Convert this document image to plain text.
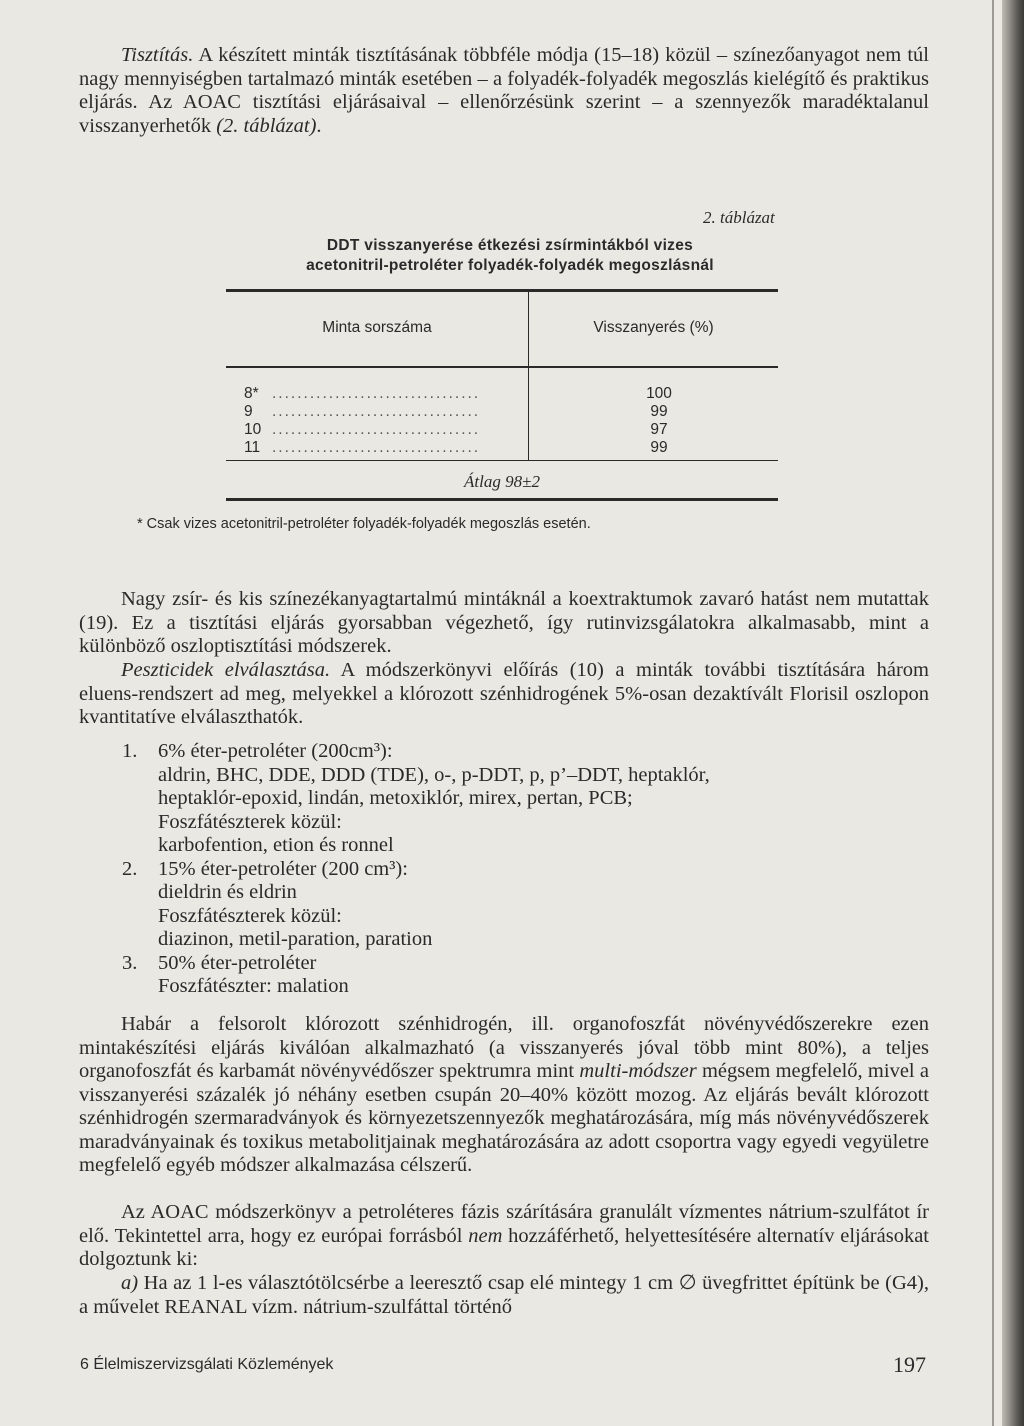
Tisztítás. A készített minták tisztításának többféle módja (15–18) közül – színezőanyagot nem túl nagy mennyiségben tartalmazó minták esetében – a folyadék-folyadék megoszlás kielégítő és praktikus eljárás. Az AOAC tisztítási eljárásaival – ellenőrzésünk szerint – a szennyezők maradéktalanul visszanyerhetők (2. táblázat).

2. táblázat
DDT visszanyerése étkezési zsírmintákból vizes
acetonitril-petroléter folyadék-folyadék megoszlásnál
Minta sorszáma	Visszanyerés (%)
8* .................................	100
9	.................................	99
10 .................................	97
11 .................................	99
Átlag 98±2
* Csak vizes acetonitril-petroléter folyadék-folyadék megoszlás esetén.

Nagy zsír- és kis színezékanyagtartalmú mintáknál a koextraktumok zavaró hatást nem mutattak (19). Ez a tisztítási eljárás gyorsabban végezhető, így rutinvizsgálatokra alkalmasabb, mint a különböző oszloptisztítási módszerek.

Peszticidek elválasztása. A módszerkönyvi előírás (10) a minták további tisztítására három eluens-rendszert ad meg, melyekkel a klórozott szénhidrogének 5%-osan dezaktívált Florisil oszlopon kvantitatíve elválaszthatók.

1. 6% éter-petroléter (200cm³):
aldrin, BHC, DDE, DDD (TDE), o-, p-DDT, p, p’–DDT, heptaklór,
heptaklór-epoxid, lindán, metoxiklór, mirex, pertan, PCB;
Foszfátészterek közül:
karbofention, etion és ronnel
2. 15% éter-petroléter (200 cm³):
dieldrin és eldrin
Foszfátészterek közül:
diazinon, metil-paration, paration
3. 50% éter-petroléter
Foszfátészter: malation

Habár a felsorolt klórozott szénhidrogén, ill. organofoszfát növényvédőszerekre ezen mintakészítési eljárás kiválóan alkalmazható (a visszanyerés jóval több mint 80%), a teljes organofoszfát és karbamát növényvédőszer spektrumra mint multi-módszer mégsem megfelelő, mivel a visszanyerési százalék jó néhány esetben csupán 20–40% között mozog. Az eljárás bevált klórozott szénhidrogén szermaradványok és környezetszennyezők meghatározására, míg más növényvédőszerek maradványainak és toxikus metabolitjainak meghatározására az adott csoportra vagy egyedi vegyületre megfelelő egyéb módszer alkalmazása célszerű.

Az AOAC módszerkönyv a petroléteres fázis szárítására granulált vízmentes nátrium-szulfátot ír elő. Tekintettel arra, hogy ez európai forrásból nem hozzáférhető, helyettesítésére alternatív eljárásokat dolgoztunk ki:

a) Ha az 1 l-es választótölcsérbe a leeresztő csap elé mintegy 1 cm ∅ üvegfrittet építünk be (G4), a művelet REANAL vízm. nátrium-szulfáttal történő

6 Élelmiszervizsgálati Közlemények	197
